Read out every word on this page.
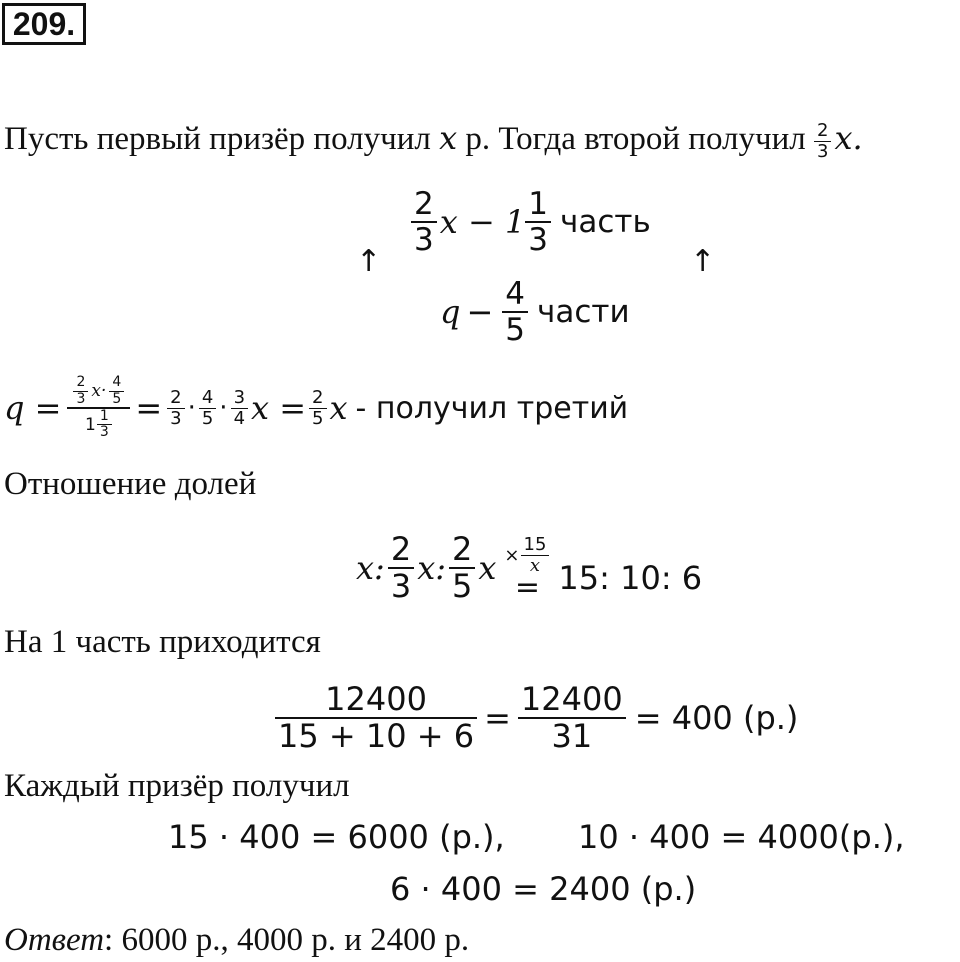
209.
Пусть первый призёр получил x р. Тогда второй получил $\frac{2}{3} x$.
$\frac{2}{3}$ $x - 1 \frac{1}{3}$ часть
↑	↑
$q - \frac{4}{5}$ части
$q = \frac{2}{3} x\cdot \frac{4}{5}$
$1 \frac{1}{3} = \frac{2}{3} \cdot \frac{4}{5} \cdot \frac{3}{4}$ $x = \frac{2}{5}$ x - получил третий
Отношение долей
x: $\frac{2}{3} x$: $\frac{2}{5}$ $x \times \frac{15}{x}$
= 15: 10: 6
На 1 часть приходится
$\frac{12400}{15 + 10 + 6} = \frac{12400}{31} = 400$ (р.)
Каждый призёр получил
15 · 400 = 6000 (р.), 10 · 400 = 4000(р.),
6 · 400 = 2400 (р.)
Ответ: 6000 р., 4000 р. и 2400 р.
